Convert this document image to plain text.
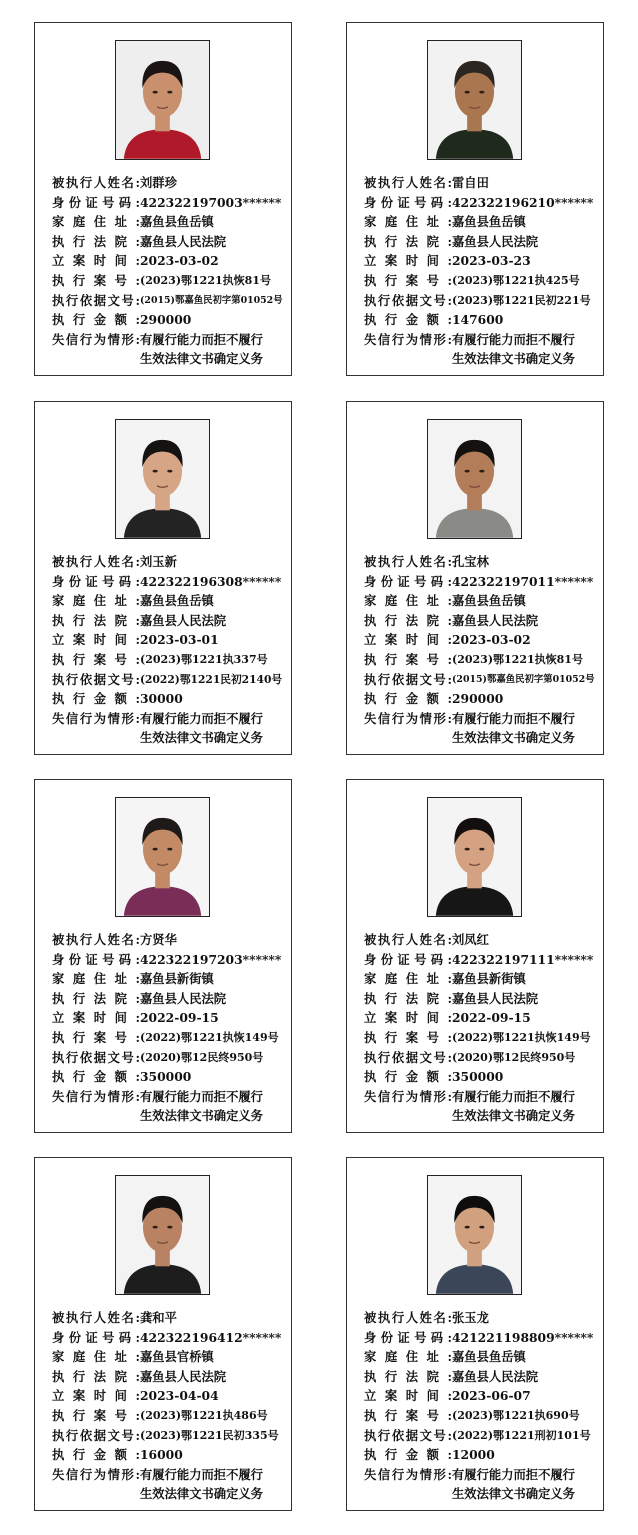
被执行人姓名: 刘群珍
身份证号码: 422322197003******
家庭住址: 嘉鱼县鱼岳镇
执行法院: 嘉鱼县人民法院
立案时间: 2023-03-02
执行案号: (2023)鄂1221执恢81号
执行依据文号: (2015)鄂嘉鱼民初字第01052号
执行金额: 290000
失信行为情形: 有履行能力而拒不履行
生效法律文书确定义务
被执行人姓名: 雷自田
身份证号码: 422322196210******
家庭住址: 嘉鱼县鱼岳镇
执行法院: 嘉鱼县人民法院
立案时间: 2023-03-23
执行案号: (2023)鄂1221执425号
执行依据文号: (2023)鄂1221民初221号
执行金额: 147600
失信行为情形: 有履行能力而拒不履行
生效法律文书确定义务
被执行人姓名: 刘玉新
身份证号码: 422322196308******
家庭住址: 嘉鱼县鱼岳镇
执行法院: 嘉鱼县人民法院
立案时间: 2023-03-01
执行案号: (2023)鄂1221执337号
执行依据文号: (2022)鄂1221民初2140号
执行金额: 30000
失信行为情形: 有履行能力而拒不履行
生效法律文书确定义务
被执行人姓名: 孔宝林
身份证号码: 422322197011******
家庭住址: 嘉鱼县鱼岳镇
执行法院: 嘉鱼县人民法院
立案时间: 2023-03-02
执行案号: (2023)鄂1221执恢81号
执行依据文号: (2015)鄂嘉鱼民初字第01052号
执行金额: 290000
失信行为情形: 有履行能力而拒不履行
生效法律文书确定义务
被执行人姓名: 方贤华
身份证号码: 422322197203******
家庭住址: 嘉鱼县新街镇
执行法院: 嘉鱼县人民法院
立案时间: 2022-09-15
执行案号: (2022)鄂1221执恢149号
执行依据文号: (2020)鄂12民终950号
执行金额: 350000
失信行为情形: 有履行能力而拒不履行
生效法律文书确定义务
被执行人姓名: 刘凤红
身份证号码: 422322197111******
家庭住址: 嘉鱼县新街镇
执行法院: 嘉鱼县人民法院
立案时间: 2022-09-15
执行案号: (2022)鄂1221执恢149号
执行依据文号: (2020)鄂12民终950号
执行金额: 350000
失信行为情形: 有履行能力而拒不履行
生效法律文书确定义务
被执行人姓名: 龚和平
身份证号码: 422322196412******
家庭住址: 嘉鱼县官桥镇
执行法院: 嘉鱼县人民法院
立案时间: 2023-04-04
执行案号: (2023)鄂1221执486号
执行依据文号: (2023)鄂1221民初335号
执行金额: 16000
失信行为情形: 有履行能力而拒不履行
生效法律文书确定义务
被执行人姓名: 张玉龙
身份证号码: 421221198809******
家庭住址: 嘉鱼县鱼岳镇
执行法院: 嘉鱼县人民法院
立案时间: 2023-06-07
执行案号: (2023)鄂1221执690号
执行依据文号: (2022)鄂1221刑初101号
执行金额: 12000
失信行为情形: 有履行能力而拒不履行
生效法律文书确定义务
